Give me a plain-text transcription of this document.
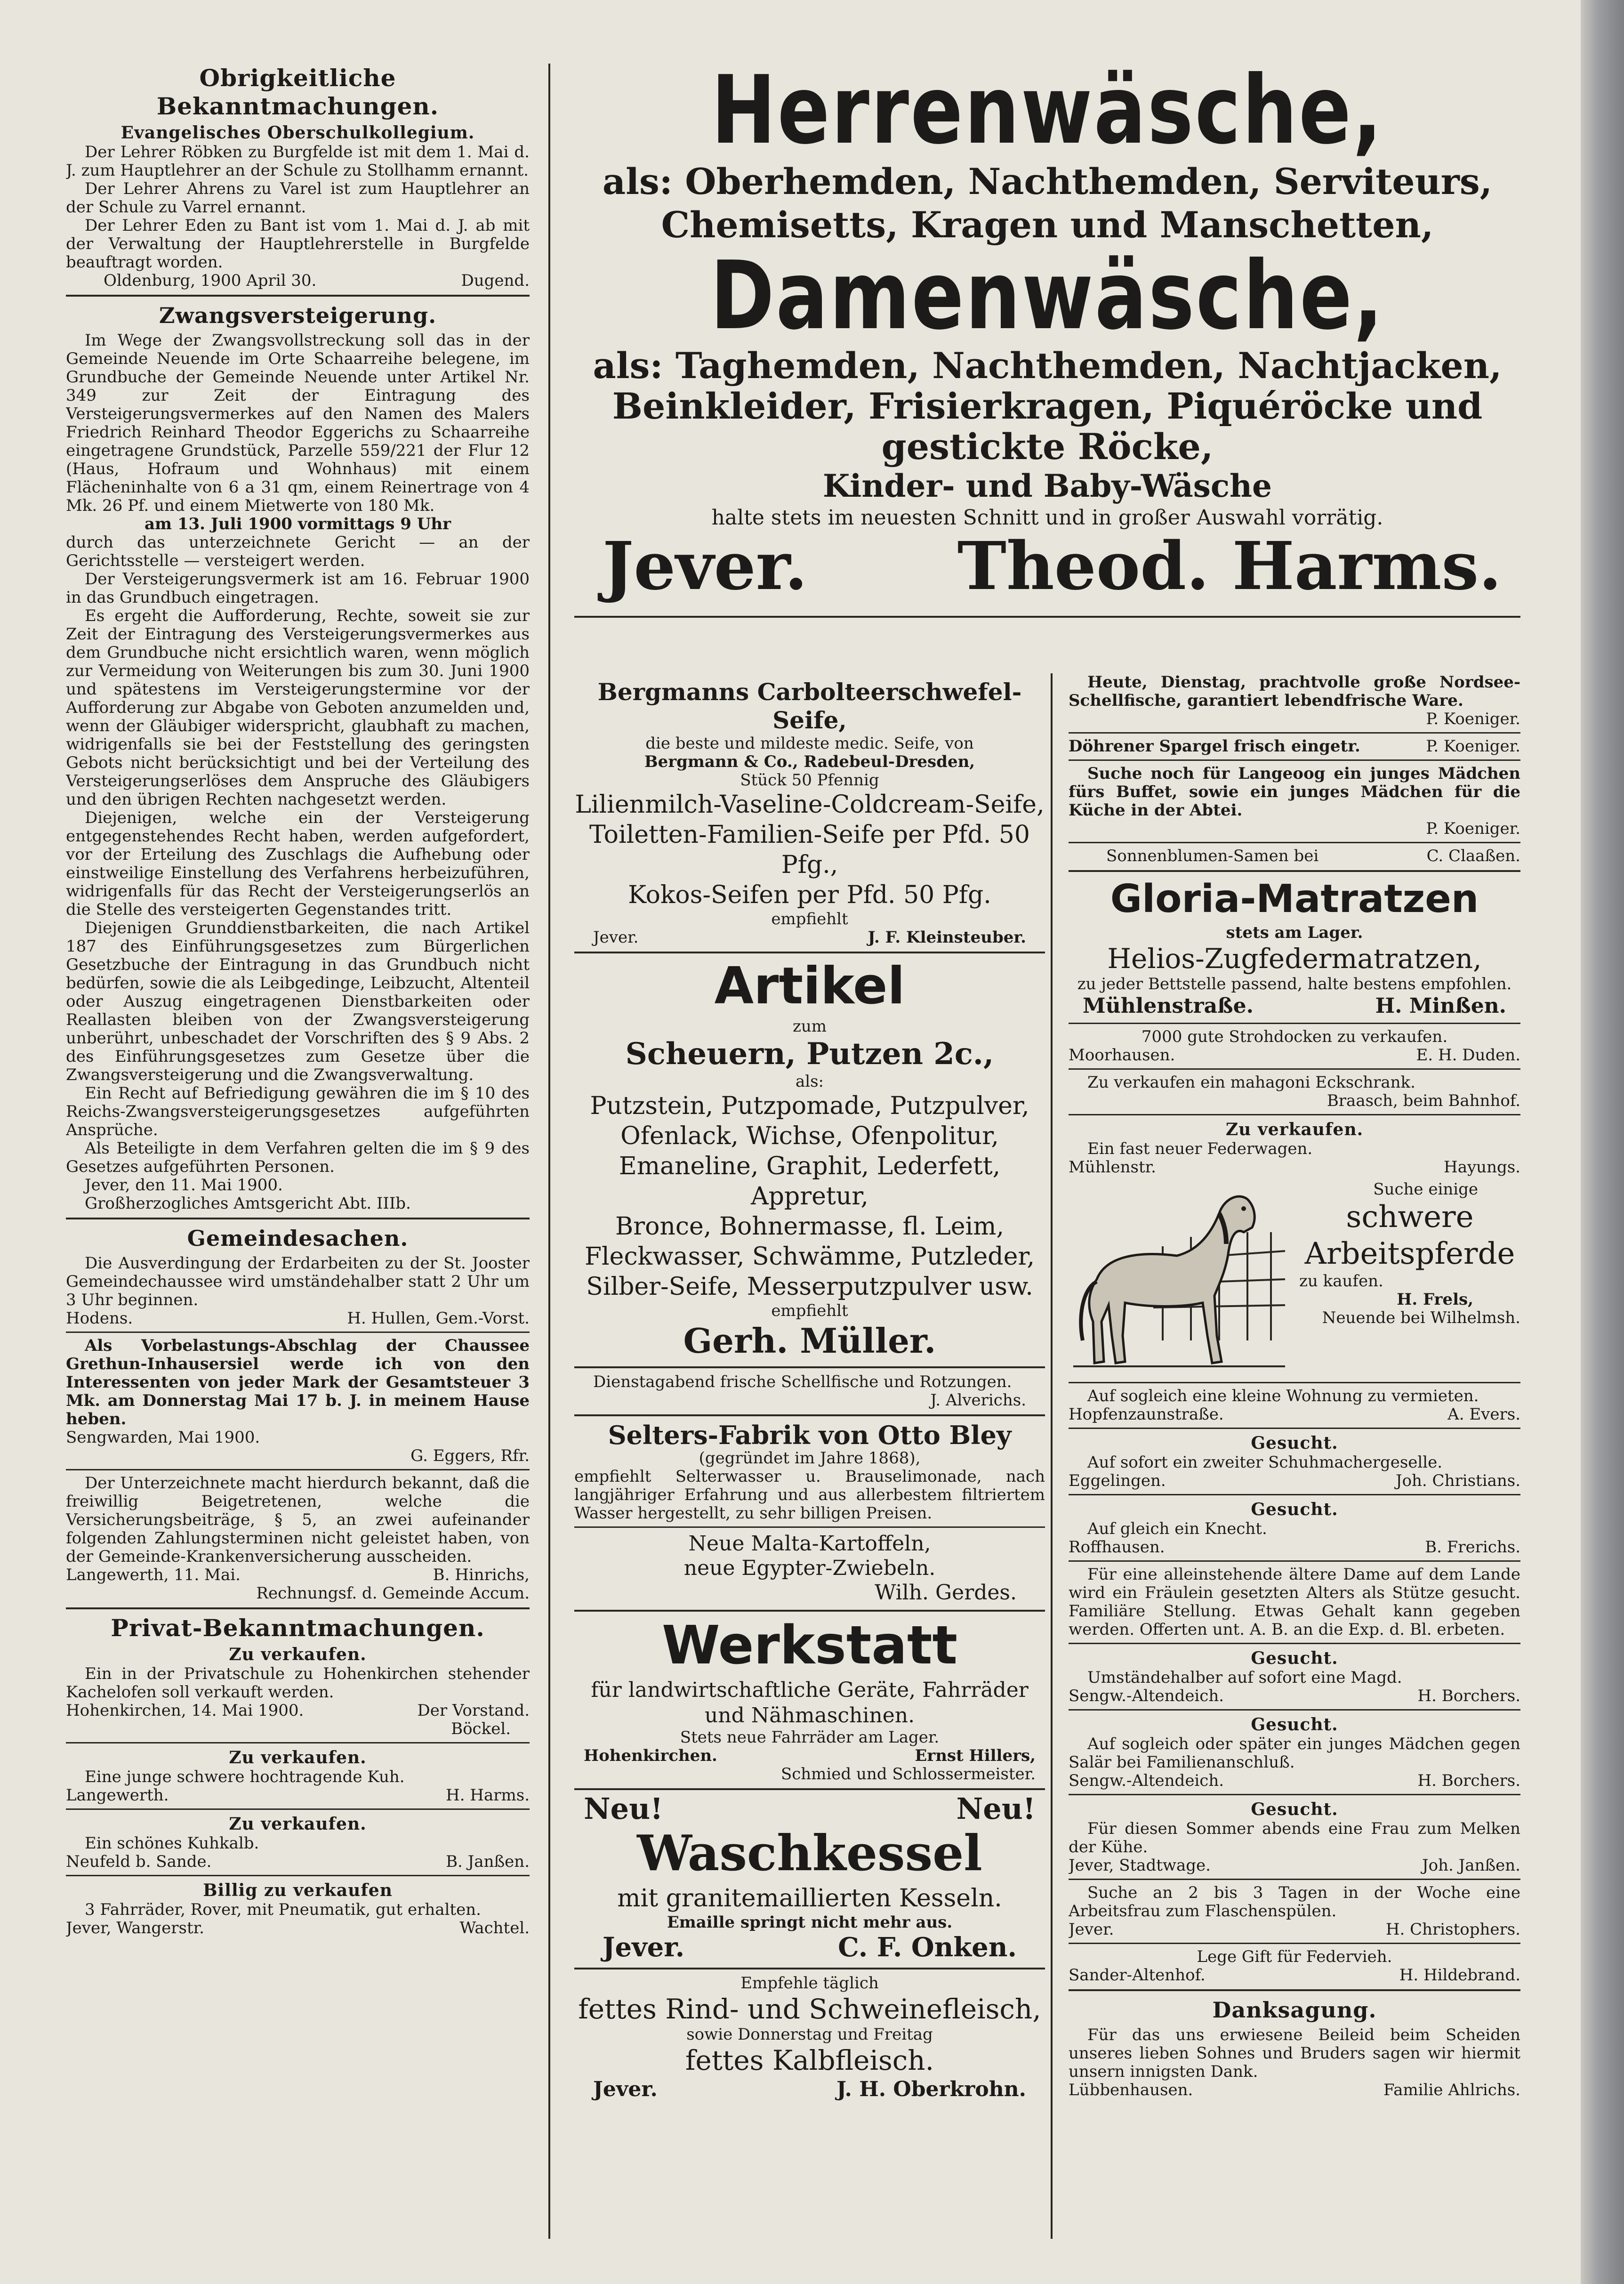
Obrigkeitliche Bekanntmachungen.
Evangelisches Oberschulkollegium.

Der Lehrer Röbken zu Burgfelde ist mit dem 1. Mai d. J. zum Hauptlehrer an der Schule zu Stollhamm ernannt.

Der Lehrer Ahrens zu Varel ist zum Hauptlehrer an der Schule zu Varrel ernannt.

Der Lehrer Eden zu Bant ist vom 1. Mai d. J. ab mit der Verwaltung der Hauptlehrerstelle in Burgfelde beauftragt worden.

Oldenburg, 1900 April 30.	Dugend.
Zwangsversteigerung.

Im Wege der Zwangsvollstreckung soll das in der Gemeinde Neuende im Orte Schaarreihe belegene, im Grundbuche der Gemeinde Neuende unter Artikel Nr. 349 zur Zeit der Eintragung des Versteigerungsvermerkes auf den Namen des Malers Friedrich Reinhard Theodor Eggerichs zu Schaarreihe eingetragene Grundstück, Parzelle 559/221 der Flur 12 (Haus, Hofraum und Wohnhaus) mit einem Flächeninhalte von 6 a 31 qm, einem Reinertrage von 4 Mk. 26 Pf. und einem Mietwerte von 180 Mk.

am 13. Juli 1900 vormittags 9 Uhr

durch das unterzeichnete Gericht — an der Gerichtsstelle — versteigert werden.

Der Versteigerungsvermerk ist am 16. Februar 1900 in das Grundbuch eingetragen.

Es ergeht die Aufforderung, Rechte, soweit sie zur Zeit der Eintragung des Versteigerungsvermerkes aus dem Grundbuche nicht ersichtlich waren, wenn möglich zur Vermeidung von Weiterungen bis zum 30. Juni 1900 und spätestens im Versteigerungstermine vor der Aufforderung zur Abgabe von Geboten anzumelden und, wenn der Gläubiger widerspricht, glaubhaft zu machen, widrigenfalls sie bei der Feststellung des geringsten Gebots nicht berücksichtigt und bei der Verteilung des Versteigerungserlöses dem Anspruche des Gläubigers und den übrigen Rechten nachgesetzt werden.

Diejenigen, welche ein der Versteigerung entgegenstehendes Recht haben, werden aufgefordert, vor der Erteilung des Zuschlags die Aufhebung oder einstweilige Einstellung des Verfahrens herbeizuführen, widrigenfalls für das Recht der Versteigerungserlös an die Stelle des versteigerten Gegenstandes tritt.

Diejenigen Grunddienstbarkeiten, die nach Artikel 187 des Einführungsgesetzes zum Bürgerlichen Gesetzbuche der Eintragung in das Grundbuch nicht bedürfen, sowie die als Leibgedinge, Leibzucht, Altenteil oder Auszug eingetragenen Dienstbarkeiten oder Reallasten bleiben von der Zwangsversteigerung unberührt, unbeschadet der Vorschriften des § 9 Abs. 2 des Einführungsgesetzes zum Gesetze über die Zwangsversteigerung und die Zwangsverwaltung.

Ein Recht auf Befriedigung gewähren die im § 10 des Reichs-Zwangsversteigerungsgesetzes aufgeführten Ansprüche.

Als Beteiligte in dem Verfahren gelten die im § 9 des Gesetzes aufgeführten Personen.

Jever, den 11. Mai 1900.

Großherzogliches Amtsgericht Abt. IIIb.

Gemeindesachen.

Die Ausverdingung der Erdarbeiten zu der St. Jooster Gemeindechaussee wird umständehalber statt 2 Uhr um 3 Uhr beginnen.

Hodens.	H. Hullen, Gem.-Vorst.

Als Vorbelastungs-Abschlag der Chaussee Grethun-Inhausersiel werde ich von den Interessenten von jeder Mark der Gesamtsteuer 3 Mk. am Donnerstag Mai 17 b. J. in meinem Hause heben.

Sengwarden, Mai 1900.

G. Eggers, Rfr.

Der Unterzeichnete macht hierdurch bekannt, daß die freiwillig Beigetretenen, welche die Versicherungsbeiträge, § 5, an zwei aufeinander folgenden Zahlungsterminen nicht geleistet haben, von der Gemeinde-Krankenversicherung ausscheiden.

Langewerth, 11. Mai.	B. Hinrichs,

Rechnungsf. d. Gemeinde Accum.

Privat-Bekanntmachungen.
Zu verkaufen.

Ein in der Privatschule zu Hohenkirchen stehender Kachelofen soll verkauft werden.

Hohenkirchen, 14. Mai 1900.	Der Vorstand.

Böckel.

Zu verkaufen.

Eine junge schwere hochtragende Kuh.

Langewerth.	H. Harms.
Zu verkaufen.

Ein schönes Kuhkalb.

Neufeld b. Sande.	B. Janßen.
Billig zu verkaufen

3 Fahrräder, Rover, mit Pneumatik, gut erhalten.

Jever, Wangerstr.	Wachtel.

Herrenwäsche,

als: Oberhemden, Nachthemden, Serviteurs,

Chemisetts, Kragen und Manschetten,

Damenwäsche,

als: Taghemden, Nachthemden, Nachtjacken,

Beinkleider, Frisierkragen, Piquéröcke und

gestickte Röcke,

Kinder- und Baby-Wäsche

halte stets im neuesten Schnitt und in großer Auswahl vorrätig.

Jever. Theod. Harms.

Bergmanns Carbolteerschwefel-Seife,

die beste und mildeste medic. Seife, von

Bergmann & Co., Radebeul-Dresden,

Stück 50 Pfennig

Lilienmilch-Vaseline-Coldcream-Seife,

Toiletten-Familien-Seife per Pfd. 50 Pfg.,

Kokos-Seifen per Pfd. 50 Pfg.

empfiehlt

Jever.	J. F. Kleinsteuber.

Artikel

zum

Scheuern, Putzen 2c.,

als:

Putzstein, Putzpomade, Putzpulver,

Ofenlack, Wichse, Ofenpolitur,

Emaneline, Graphit, Lederfett, Appretur,

Bronce, Bohnermasse, fl. Leim,

Fleckwasser, Schwämme, Putzleder,

Silber-Seife, Messerputzpulver usw.

empfiehlt

Gerh. Müller.

Dienstagabend frische Schellfische und Rotzungen.

J. Alverichs.

Selters-Fabrik von Otto Bley

(gegründet im Jahre 1868),

empfiehlt Selterwasser u. Brauselimonade, nach langjähriger Erfahrung und aus allerbestem filtriertem Wasser hergestellt, zu sehr billigen Preisen.

Neue Malta-Kartoffeln,

neue Egypter-Zwiebeln.

Wilh. Gerdes.

Werkstatt

für landwirtschaftliche Geräte, Fahrräder

und Nähmaschinen.

Stets neue Fahrräder am Lager.

Hohenkirchen.	Ernst Hillers,

Schmied und Schlossermeister.

Neu!	Neu!

Waschkessel

mit granitemaillierten Kesseln.

Emaille springt nicht mehr aus.

Jever.	C. F. Onken.

Empfehle täglich

fettes Rind- und Schweinefleisch,

sowie Donnerstag und Freitag

fettes Kalbfleisch.

Jever.	J. H. Oberkrohn.

Heute, Dienstag, prachtvolle große Nordsee-Schellfische, garantiert lebendfrische Ware.

P. Koeniger.

Döhrener Spargel frisch eingetr.	P. Koeniger.

Suche noch für Langeoog ein junges Mädchen fürs Buffet, sowie ein junges Mädchen für die Küche in der Abtei.

P. Koeniger.

Sonnenblumen-Samen bei	C. Claaßen.

Gloria-Matratzen

stets am Lager.

Helios-Zugfedermatratzen,

zu jeder Bettstelle passend, halte bestens empfohlen.

Mühlenstraße.	H. Minßen.

7000 gute Strohdocken zu verkaufen.

Moorhausen.	E. H. Duden.

Zu verkaufen ein mahagoni Eckschrank.

Braasch, beim Bahnhof.

Zu verkaufen.

Ein fast neuer Federwagen.

Mühlenstr.	Hayungs.

Suche einige

schwere

Arbeitspferde

zu kaufen.

H. Frels,

Neuende bei Wilhelmsh.

Auf sogleich eine kleine Wohnung zu vermieten.

Hopfenzaunstraße.	A. Evers.
Gesucht.

Auf sofort ein zweiter Schuhmachergeselle.

Eggelingen.	Joh. Christians.
Gesucht.

Auf gleich ein Knecht.

Roffhausen.	B. Frerichs.

Für eine alleinstehende ältere Dame auf dem Lande wird ein Fräulein gesetzten Alters als Stütze gesucht. Familiäre Stellung. Etwas Gehalt kann gegeben werden. Offerten unt. A. B. an die Exp. d. Bl. erbeten.

Gesucht.

Umständehalber auf sofort eine Magd.

Sengw.-Altendeich.	H. Borchers.
Gesucht.

Auf sogleich oder später ein junges Mädchen gegen Salär bei Familienanschluß.

Sengw.-Altendeich.	H. Borchers.
Gesucht.

Für diesen Sommer abends eine Frau zum Melken der Kühe.

Jever, Stadtwage.	Joh. Janßen.

Suche an 2 bis 3 Tagen in der Woche eine Arbeitsfrau zum Flaschenspülen.

Jever.	H. Christophers.

Lege Gift für Federvieh.

Sander-Altenhof.	H. Hildebrand.
Danksagung.

Für das uns erwiesene Beileid beim Scheiden unseres lieben Sohnes und Bruders sagen wir hiermit unsern innigsten Dank.

Lübbenhausen.	Familie Ahlrichs.
